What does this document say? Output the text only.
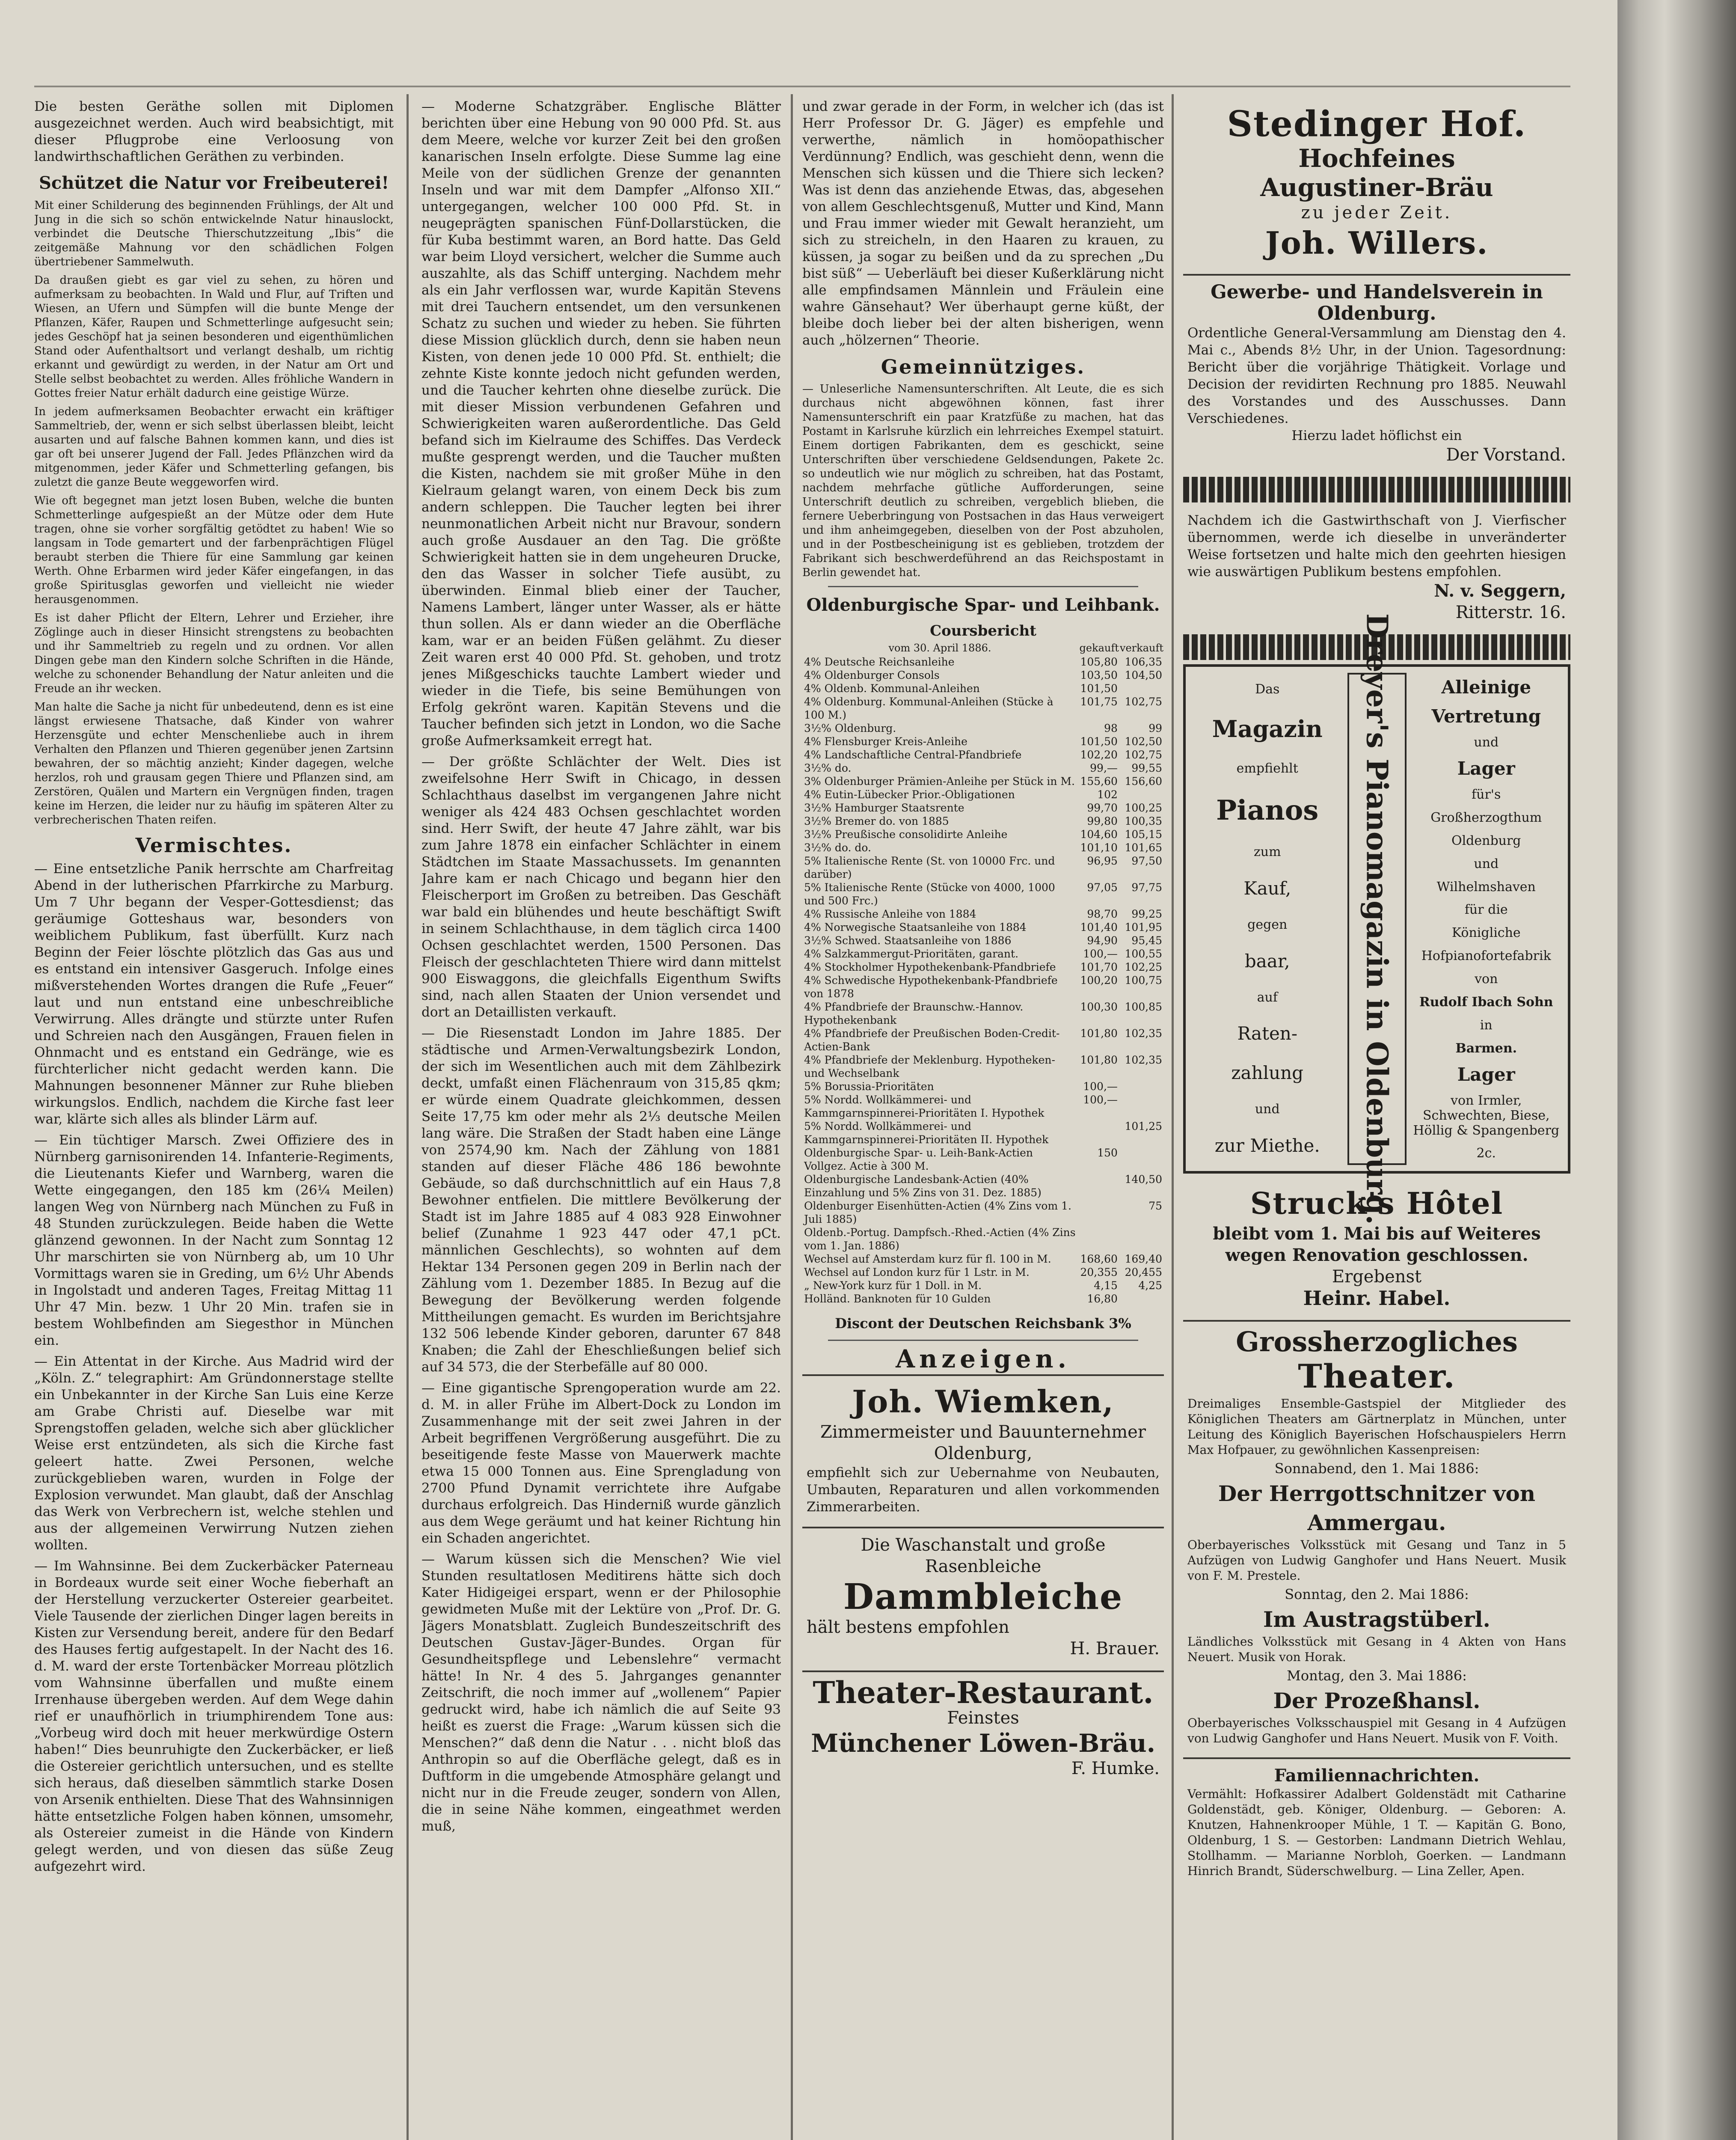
Die besten Geräthe sollen mit Diplomen ausgezeichnet werden. Auch wird beabsichtigt, mit dieser Pflugprobe eine Verloosung von landwirthschaftlichen Geräthen zu verbinden.

Schützet die Natur vor Freibeuterei!

Mit einer Schilderung des beginnenden Frühlings, der Alt und Jung in die sich so schön entwickelnde Natur hinauslockt, verbindet die Deutsche Thierschutzzeitung „Ibis“ die zeitgemäße Mahnung vor den schädlichen Folgen übertriebener Sammelwuth.

Da draußen giebt es gar viel zu sehen, zu hören und aufmerksam zu beobachten. In Wald und Flur, auf Triften und Wiesen, an Ufern und Sümpfen will die bunte Menge der Pflanzen, Käfer, Raupen und Schmetterlinge aufgesucht sein; jedes Geschöpf hat ja seinen besonderen und eigenthümlichen Stand oder Aufenthaltsort und verlangt deshalb, um richtig erkannt und gewürdigt zu werden, in der Natur am Ort und Stelle selbst beobachtet zu werden. Alles fröhliche Wandern in Gottes freier Natur erhält dadurch eine geistige Würze.

In jedem aufmerksamen Beobachter erwacht ein kräftiger Sammeltrieb, der, wenn er sich selbst überlassen bleibt, leicht ausarten und auf falsche Bahnen kommen kann, und dies ist gar oft bei unserer Jugend der Fall. Jedes Pflänzchen wird da mitgenommen, jeder Käfer und Schmetterling gefangen, bis zuletzt die ganze Beute weggeworfen wird.

Wie oft begegnet man jetzt losen Buben, welche die bunten Schmetterlinge aufgespießt an der Mütze oder dem Hute tragen, ohne sie vorher sorgfältig getödtet zu haben! Wie so langsam in Tode gemartert und der farbenprächtigen Flügel beraubt sterben die Thiere für eine Sammlung gar keinen Werth. Ohne Erbarmen wird jeder Käfer eingefangen, in das große Spiritusglas geworfen und vielleicht nie wieder herausgenommen.

Es ist daher Pflicht der Eltern, Lehrer und Erzieher, ihre Zöglinge auch in dieser Hinsicht strengstens zu beobachten und ihr Sammeltrieb zu regeln und zu ordnen. Vor allen Dingen gebe man den Kindern solche Schriften in die Hände, welche zu schonender Behandlung der Natur anleiten und die Freude an ihr wecken.

Man halte die Sache ja nicht für unbedeutend, denn es ist eine längst erwiesene Thatsache, daß Kinder von wahrer Herzensgüte und echter Menschenliebe auch in ihrem Verhalten den Pflanzen und Thieren gegenüber jenen Zartsinn bewahren, der so mächtig anzieht; Kinder dagegen, welche herzlos, roh und grausam gegen Thiere und Pflanzen sind, am Zerstören, Quälen und Martern ein Vergnügen finden, tragen keine im Herzen, die leider nur zu häufig im späteren Alter zu verbrecherischen Thaten reifen.

Vermischtes.

— Eine entsetzliche Panik herrschte am Charfreitag Abend in der lutherischen Pfarrkirche zu Marburg. Um 7 Uhr begann der Vesper-Gottesdienst; das geräumige Gotteshaus war, besonders von weiblichem Publikum, fast überfüllt. Kurz nach Beginn der Feier löschte plötzlich das Gas aus und es entstand ein intensiver Gasgeruch. Infolge eines mißverstehenden Wortes drangen die Rufe „Feuer“ laut und nun entstand eine unbeschreibliche Verwirrung. Alles drängte und stürzte unter Rufen und Schreien nach den Ausgängen, Frauen fielen in Ohnmacht und es entstand ein Gedränge, wie es fürchterlicher nicht gedacht werden kann. Die Mahnungen besonnener Männer zur Ruhe blieben wirkungslos. Endlich, nachdem die Kirche fast leer war, klärte sich alles als blinder Lärm auf.

— Ein tüchtiger Marsch. Zwei Offiziere des in Nürnberg garnisonirenden 14. Infanterie-Regiments, die Lieutenants Kiefer und Warnberg, waren die Wette eingegangen, den 185 km (26¼ Meilen) langen Weg von Nürnberg nach München zu Fuß in 48 Stunden zurückzulegen. Beide haben die Wette glänzend gewonnen. In der Nacht zum Sonntag 12 Uhr marschirten sie von Nürnberg ab, um 10 Uhr Vormittags waren sie in Greding, um 6½ Uhr Abends in Ingolstadt und anderen Tages, Freitag Mittag 11 Uhr 47 Min. bezw. 1 Uhr 20 Min. trafen sie in bestem Wohlbefinden am Siegesthor in München ein.

— Ein Attentat in der Kirche. Aus Madrid wird der „Köln. Z.“ telegraphirt: Am Gründonnerstage stellte ein Unbekannter in der Kirche San Luis eine Kerze am Grabe Christi auf. Dieselbe war mit Sprengstoffen geladen, welche sich aber glücklicher Weise erst entzündeten, als sich die Kirche fast geleert hatte. Zwei Personen, welche zurückgeblieben waren, wurden in Folge der Explosion verwundet. Man glaubt, daß der Anschlag das Werk von Verbrechern ist, welche stehlen und aus der allgemeinen Verwirrung Nutzen ziehen wollten.

— Im Wahnsinne. Bei dem Zuckerbäcker Paterneau in Bordeaux wurde seit einer Woche fieberhaft an der Herstellung verzuckerter Ostereier gearbeitet. Viele Tausende der zierlichen Dinger lagen bereits in Kisten zur Versendung bereit, andere für den Bedarf des Hauses fertig aufgestapelt. In der Nacht des 16. d. M. ward der erste Tortenbäcker Morreau plötzlich vom Wahnsinne überfallen und mußte einem Irrenhause übergeben werden. Auf dem Wege dahin rief er unaufhörlich in triumphirendem Tone aus: „Vorbeug wird doch mit heuer merkwürdige Ostern haben!“ Dies beunruhigte den Zuckerbäcker, er ließ die Ostereier gerichtlich untersuchen, und es stellte sich heraus, daß dieselben sämmtlich starke Dosen von Arsenik enthielten. Diese That des Wahnsinnigen hätte entsetzliche Folgen haben können, umsomehr, als Ostereier zumeist in die Hände von Kindern gelegt werden, und von diesen das süße Zeug aufgezehrt wird.

— Moderne Schatzgräber. Englische Blätter berichten über eine Hebung von 90 000 Pfd. St. aus dem Meere, welche vor kurzer Zeit bei den großen kanarischen Inseln erfolgte. Diese Summe lag eine Meile von der südlichen Grenze der genannten Inseln und war mit dem Dampfer „Alfonso XII.“ untergegangen, welcher 100 000 Pfd. St. in neugeprägten spanischen Fünf-Dollarstücken, die für Kuba bestimmt waren, an Bord hatte. Das Geld war beim Lloyd versichert, welcher die Summe auch auszahlte, als das Schiff unterging. Nachdem mehr als ein Jahr verflossen war, wurde Kapitän Stevens mit drei Tauchern entsendet, um den versunkenen Schatz zu suchen und wieder zu heben. Sie führten diese Mission glücklich durch, denn sie haben neun Kisten, von denen jede 10 000 Pfd. St. enthielt; die zehnte Kiste konnte jedoch nicht gefunden werden, und die Taucher kehrten ohne dieselbe zurück. Die mit dieser Mission verbundenen Gefahren und Schwierigkeiten waren außerordentliche. Das Geld befand sich im Kielraume des Schiffes. Das Verdeck mußte gesprengt werden, und die Taucher mußten die Kisten, nachdem sie mit großer Mühe in den Kielraum gelangt waren, von einem Deck bis zum andern schleppen. Die Taucher legten bei ihrer neunmonatlichen Arbeit nicht nur Bravour, sondern auch große Ausdauer an den Tag. Die größte Schwierigkeit hatten sie in dem ungeheuren Drucke, den das Wasser in solcher Tiefe ausübt, zu überwinden. Einmal blieb einer der Taucher, Namens Lambert, länger unter Wasser, als er hätte thun sollen. Als er dann wieder an die Oberfläche kam, war er an beiden Füßen gelähmt. Zu dieser Zeit waren erst 40 000 Pfd. St. gehoben, und trotz jenes Mißgeschicks tauchte Lambert wieder und wieder in die Tiefe, bis seine Bemühungen von Erfolg gekrönt waren. Kapitän Stevens und die Taucher befinden sich jetzt in London, wo die Sache große Aufmerksamkeit erregt hat.

— Der größte Schlächter der Welt. Dies ist zweifelsohne Herr Swift in Chicago, in dessen Schlachthaus daselbst im vergangenen Jahre nicht weniger als 424 483 Ochsen geschlachtet worden sind. Herr Swift, der heute 47 Jahre zählt, war bis zum Jahre 1878 ein einfacher Schlächter in einem Städtchen im Staate Massachussets. Im genannten Jahre kam er nach Chicago und begann hier den Fleischerport im Großen zu betreiben. Das Geschäft war bald ein blühendes und heute beschäftigt Swift in seinem Schlachthause, in dem täglich circa 1400 Ochsen geschlachtet werden, 1500 Personen. Das Fleisch der geschlachteten Thiere wird dann mittelst 900 Eiswaggons, die gleichfalls Eigenthum Swifts sind, nach allen Staaten der Union versendet und dort an Detaillisten verkauft.

— Die Riesenstadt London im Jahre 1885. Der städtische und Armen-Verwaltungsbezirk London, der sich im Wesentlichen auch mit dem Zählbezirk deckt, umfaßt einen Flächenraum von 315,85 qkm; er würde einem Quadrate gleichkommen, dessen Seite 17,75 km oder mehr als 2⅓ deutsche Meilen lang wäre. Die Straßen der Stadt haben eine Länge von 2574,90 km. Nach der Zählung von 1881 standen auf dieser Fläche 486 186 bewohnte Gebäude, so daß durchschnittlich auf ein Haus 7,8 Bewohner entfielen. Die mittlere Bevölkerung der Stadt ist im Jahre 1885 auf 4 083 928 Einwohner belief (Zunahme 1 923 447 oder 47,1 pCt. männlichen Geschlechts), so wohnten auf dem Hektar 134 Personen gegen 209 in Berlin nach der Zählung vom 1. Dezember 1885. In Bezug auf die Bewegung der Bevölkerung werden folgende Mittheilungen gemacht. Es wurden im Berichtsjahre 132 506 lebende Kinder geboren, darunter 67 848 Knaben; die Zahl der Eheschließungen belief sich auf 34 573, die der Sterbefälle auf 80 000.

— Eine gigantische Sprengoperation wurde am 22. d. M. in aller Frühe im Albert-Dock zu London im Zusammenhange mit der seit zwei Jahren in der Arbeit begriffenen Vergrößerung ausgeführt. Die zu beseitigende feste Masse von Mauerwerk machte etwa 15 000 Tonnen aus. Eine Sprengladung von 2700 Pfund Dynamit verrichtete ihre Aufgabe durchaus erfolgreich. Das Hinderniß wurde gänzlich aus dem Wege geräumt und hat keiner Richtung hin ein Schaden angerichtet.

— Warum küssen sich die Menschen? Wie viel Stunden resultatlosen Meditirens hätte sich doch Kater Hidigeigei erspart, wenn er der Philosophie gewidmeten Muße mit der Lektüre von „Prof. Dr. G. Jägers Monatsblatt. Zugleich Bundeszeitschrift des Deutschen Gustav-Jäger-Bundes. Organ für Gesundheitspflege und Lebenslehre“ vermacht hätte! In Nr. 4 des 5. Jahrganges genannter Zeitschrift, die noch immer auf „wollenem“ Papier gedruckt wird, habe ich nämlich die auf Seite 93 heißt es zuerst die Frage: „Warum küssen sich die Menschen?“ daß denn die Natur . . . nicht bloß das Anthropin so auf die Oberfläche gelegt, daß es in Duftform in die umgebende Atmosphäre gelangt und nicht nur in die Freude zeuger, sondern von Allen, die in seine Nähe kommen, eingeathmet werden muß,

und zwar gerade in der Form, in welcher ich (das ist Herr Professor Dr. G. Jäger) es empfehle und verwerthe, nämlich in homöopathischer Verdünnung? Endlich, was geschieht denn, wenn die Menschen sich küssen und die Thiere sich lecken? Was ist denn das anziehende Etwas, das, abgesehen von allem Geschlechtsgenuß, Mutter und Kind, Mann und Frau immer wieder mit Gewalt heranzieht, um sich zu streicheln, in den Haaren zu krauen, zu küssen, ja sogar zu beißen und da zu sprechen „Du bist süß“ — Ueberläuft bei dieser Kußerklärung nicht alle empfindsamen Männlein und Fräulein eine wahre Gänsehaut? Wer überhaupt gerne küßt, der bleibe doch lieber bei der alten bisherigen, wenn auch „hölzernen“ Theorie.

Gemeinnütziges.

— Unleserliche Namensunterschriften. Alt Leute, die es sich durchaus nicht abgewöhnen können, fast ihrer Namensunterschrift ein paar Kratzfüße zu machen, hat das Postamt in Karlsruhe kürzlich ein lehrreiches Exempel statuirt. Einem dortigen Fabrikanten, dem es geschickt, seine Unterschriften über verschiedene Geldsendungen, Pakete 2c. so undeutlich wie nur möglich zu schreiben, hat das Postamt, nachdem mehrfache gütliche Aufforderungen, seine Unterschrift deutlich zu schreiben, vergeblich blieben, die fernere Ueberbringung von Postsachen in das Haus verweigert und ihm anheimgegeben, dieselben von der Post abzuholen, und in der Postbescheinigung ist es geblieben, trotzdem der Fabrikant sich beschwerdeführend an das Reichspostamt in Berlin gewendet hat.

Oldenburgische Spar- und Leihbank.
Coursbericht
vom 30. April 1886.	gekauft	verkauft
4% Deutsche Reichsanleihe	105,80	106,35
4% Oldenburger Consols	103,50	104,50
4% Oldenb. Kommunal-Anleihen	101,50	
4% Oldenburg. Kommunal-Anleihen (Stücke à 100 M.)	101,75	102,75
3½% Oldenburg.	98	99
4% Flensburger Kreis-Anleihe	101,50	102,50
4% Landschaftliche Central-Pfandbriefe	102,20	102,75
3½% do.	99,—	99,55
3% Oldenburger Prämien-Anleihe per Stück in M.	155,60	156,60
4% Eutin-Lübecker Prior.-Obligationen	102	
3½% Hamburger Staatsrente	99,70	100,25
3½% Bremer do. von 1885	99,80	100,35
3½% Preußische consolidirte Anleihe	104,60	105,15
3½% do. do.	101,10	101,65
5% Italienische Rente (St. von 10000 Frc. und darüber)	96,95	97,50
5% Italienische Rente (Stücke von 4000, 1000 und 500 Frc.)	97,05	97,75
4% Russische Anleihe von 1884	98,70	99,25
4% Norwegische Staatsanleihe von 1884	101,40	101,95
3½% Schwed. Staatsanleihe von 1886	94,90	95,45
4% Salzkammergut-Prioritäten, garant.	100,—	100,55
4% Stockholmer Hypothekenbank-Pfandbriefe	101,70	102,25
4% Schwedische Hypothekenbank-Pfandbriefe von 1878	100,20	100,75
4% Pfandbriefe der Braunschw.-Hannov. Hypothekenbank	100,30	100,85
4% Pfandbriefe der Preußischen Boden-Credit-Actien-Bank	101,80	102,35
4% Pfandbriefe der Meklenburg. Hypotheken- und Wechselbank	101,80	102,35
5% Borussia-Prioritäten	100,—	
5% Nordd. Wollkämmerei- und Kammgarnspinnerei-Prioritäten I. Hypothek	100,—	
5% Nordd. Wollkämmerei- und Kammgarnspinnerei-Prioritäten II. Hypothek		101,25
Oldenburgische Spar- u. Leih-Bank-Actien Vollgez. Actie à 300 M.	150	
Oldenburgische Landesbank-Actien (40% Einzahlung und 5% Zins von 31. Dez. 1885)		140,50
Oldenburger Eisenhütten-Actien (4% Zins vom 1. Juli 1885)		75
Oldenb.-Portug. Dampfsch.-Rhed.-Actien (4% Zins vom 1. Jan. 1886)		
Wechsel auf Amsterdam kurz für fl. 100 in M.	168,60	169,40
Wechsel auf London kurz für 1 Lstr. in M.	20,355	20,455
„ New-York kurz für 1 Doll. in M.	4,15	4,25
Holländ. Banknoten für 10 Gulden	16,80	
Discont der Deutschen Reichsbank 3%
Anzeigen.
Joh. Wiemken,
Zimmermeister und Bauunternehmer
Oldenburg,
empfiehlt sich zur Uebernahme von Neubauten, Umbauten, Reparaturen und allen vorkommenden Zimmerarbeiten.
Die Waschanstalt und große Rasenbleiche
Dammbleiche
hält bestens empfohlen
H. Brauer.
Theater-Restaurant.
Feinstes
Münchener Löwen-Bräu.
F. Humke.
Stedinger Hof.
Hochfeines
Augustiner-Bräu
zu jeder Zeit.
Joh. Willers.
Gewerbe- und Handelsverein in Oldenburg.
Ordentliche General-Versammlung am Dienstag den 4. Mai c., Abends 8½ Uhr, in der Union. Tagesordnung: Bericht über die vorjährige Thätigkeit. Vorlage und Decision der revidirten Rechnung pro 1885. Neuwahl des Vorstandes und des Ausschusses. Dann Verschiedenes.
Hierzu ladet höflichst ein
Der Vorstand.
Nachdem ich die Gastwirthschaft von J. Vierfischer übernommen, werde ich dieselbe in unveränderter Weise fortsetzen und halte mich den geehrten hiesigen wie auswärtigen Publikum bestens empfohlen.
N. v. Seggern,
Ritterstr. 16.
Das
Magazin
empfiehlt
Pianos
zum
Kauf,
gegen
baar,
auf
Raten-
zahlung
und
zur Miethe.	Dreyer's Pianomagazin in Oldenburg.	Alleinige
Vertretung
und
Lager
für's
Großherzogthum
Oldenburg
und
Wilhelmshaven
für die
Königliche
Hofpianofortefabrik
von
Rudolf Ibach Sohn
in
Barmen.
Lager
von Irmler, Schwechten, Biese, Höllig & Spangenberg
2c.
Struck's Hôtel
bleibt vom 1. Mai bis auf Weiteres wegen Renovation geschlossen.
Ergebenst
Heinr. Habel.
Grossherzogliches
Theater.
Dreimaliges Ensemble-Gastspiel der Mitglieder des Königlichen Theaters am Gärtnerplatz in München, unter Leitung des Königlich Bayerischen Hofschauspielers Herrn Max Hofpauer, zu gewöhnlichen Kassenpreisen:
Sonnabend, den 1. Mai 1886:
Der Herrgottschnitzer von Ammergau.
Oberbayerisches Volksstück mit Gesang und Tanz in 5 Aufzügen von Ludwig Ganghofer und Hans Neuert. Musik von F. M. Prestele.
Sonntag, den 2. Mai 1886:
Im Austragstüberl.
Ländliches Volksstück mit Gesang in 4 Akten von Hans Neuert. Musik von Horak.
Montag, den 3. Mai 1886:
Der Prozeßhansl.
Oberbayerisches Volksschauspiel mit Gesang in 4 Aufzügen von Ludwig Ganghofer und Hans Neuert. Musik von F. Voith.
Familiennachrichten.
Vermählt: Hofkassirer Adalbert Goldenstädt mit Catharine Goldenstädt, geb. Königer, Oldenburg. — Geboren: A. Knutzen, Hahnenkrooper Mühle, 1 T. — Kapitän G. Bono, Oldenburg, 1 S. — Gestorben: Landmann Dietrich Wehlau, Stollhamm. — Marianne Norbloh, Goerken. — Landmann Hinrich Brandt, Süderschwelburg. — Lina Zeller, Apen.
